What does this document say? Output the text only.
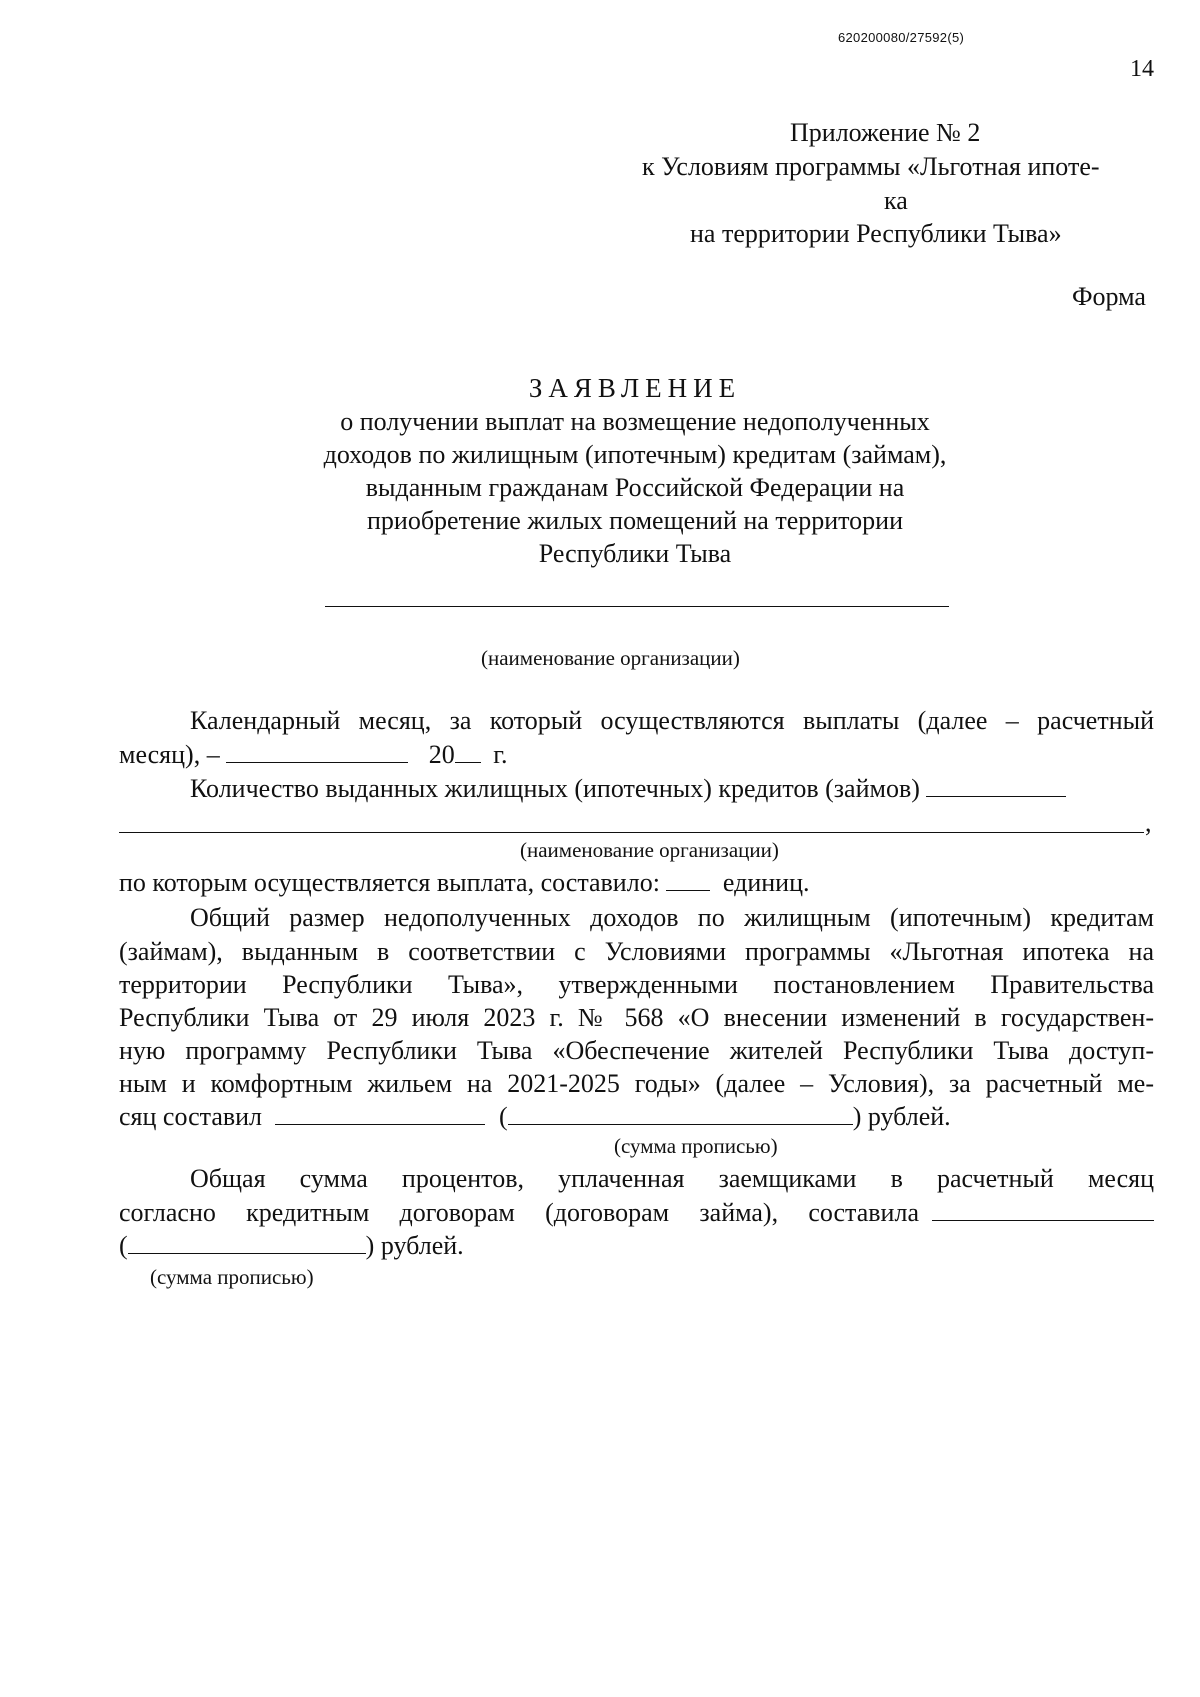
620200080/27592(5)
14
Приложение № 2
к Условиям программы «Льготная ипоте-
ка
на территории Республики Тыва»
Форма
ЗАЯВЛЕНИЕ
о получении выплат на возмещение недополученных
доходов по жилищным (ипотечным) кредитам (займам),
выданным гражданам Российской Федерации на
приобретение жилых помещений на территории
Республики Тыва
(наименование организации)
Календарный месяц, за который осуществляются выплаты (далее – расчетный
месяц), –	20 г.
Количество выданных жилищных (ипотечных) кредитов (займов)
,
(наименование организации)
по которым осуществляется выплата, составило: единиц.
Общий размер недополученных доходов по жилищным (ипотечным) кредитам
(займам), выданным в соответствии с Условиями программы «Льготная ипотека на
территории Республики Тыва», утвержденными постановлением Правительства
Республики Тыва от 29 июля 2023 г. № 568 «О внесении изменений в государствен-
ную программу Республики Тыва «Обеспечение жителей Республики Тыва доступ-
ным и комфортным жильем на 2021-2025 годы» (далее – Условия), за расчетный ме-
сяц составил	(	) рублей.
(сумма прописью)
Общая сумма процентов, уплаченная заемщиками в расчетный месяц
согласно кредитным договорам (договорам займа), составила
(	) рублей.
(сумма прописью)
